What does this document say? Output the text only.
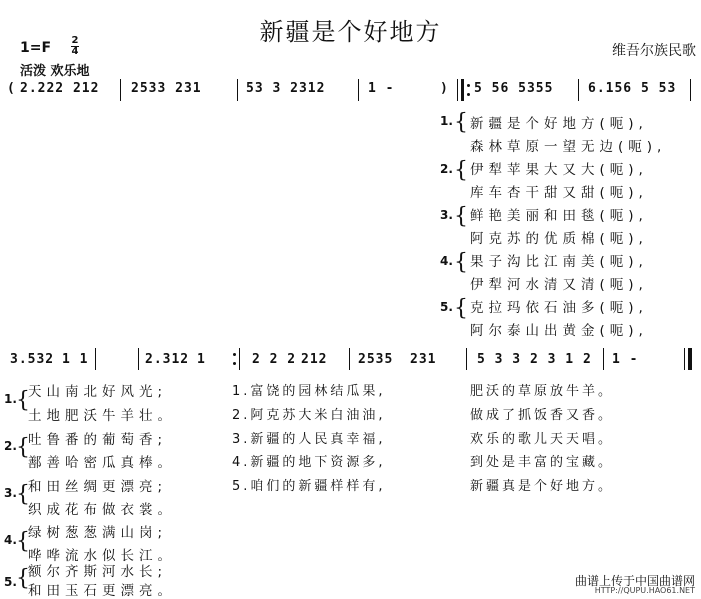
新疆是个好地方
1=F 2
4
活泼 欢乐地
维吾尔族民歌
( 2.222 212 2533 231	53 3 2312	1 -	) 5 56 5355	6.156 5 53
1. { 新疆是个好地方(呃),
森林草原一望无边(呃),
2. { 伊犁苹果大又大(呃),
库车杏干甜又甜(呃),
3. { 鲜艳美丽和田毯(呃),
阿克苏的优质棉(呃),
4. { 果子沟比江南美(呃),
伊犁河水清又清(呃),
5. { 克拉玛依石油多(呃),
阿尔泰山出黄金(呃),
3.532 1 1	2.312 1	2 2 2 212 2535 231	5 3 3 2 3 1 2 1 -
1. {
天山南北好风光;
土地肥沃牛羊壮。
2. {
吐鲁番的葡萄香;
鄯善哈密瓜真棒。
3. {
和田丝绸更漂亮;
织成花布做衣裳。
4. {
绿树葱葱满山岗;
哗哗流水似长江。
5. {
额尔齐斯河水长;
和田玉石更漂亮。
1.富饶的园林结瓜果,	肥沃的草原放牛羊。
2.阿克苏大米白油油,	做成了抓饭香又香。
3.新疆的人民真幸福,	欢乐的歌儿天天唱。
4.新疆的地下资源多,	到处是丰富的宝藏。
5.咱们的新疆样样有,	新疆真是个好地方。
曲谱上传于中国曲谱网
HTTP://QUPU.HAO61.NET
